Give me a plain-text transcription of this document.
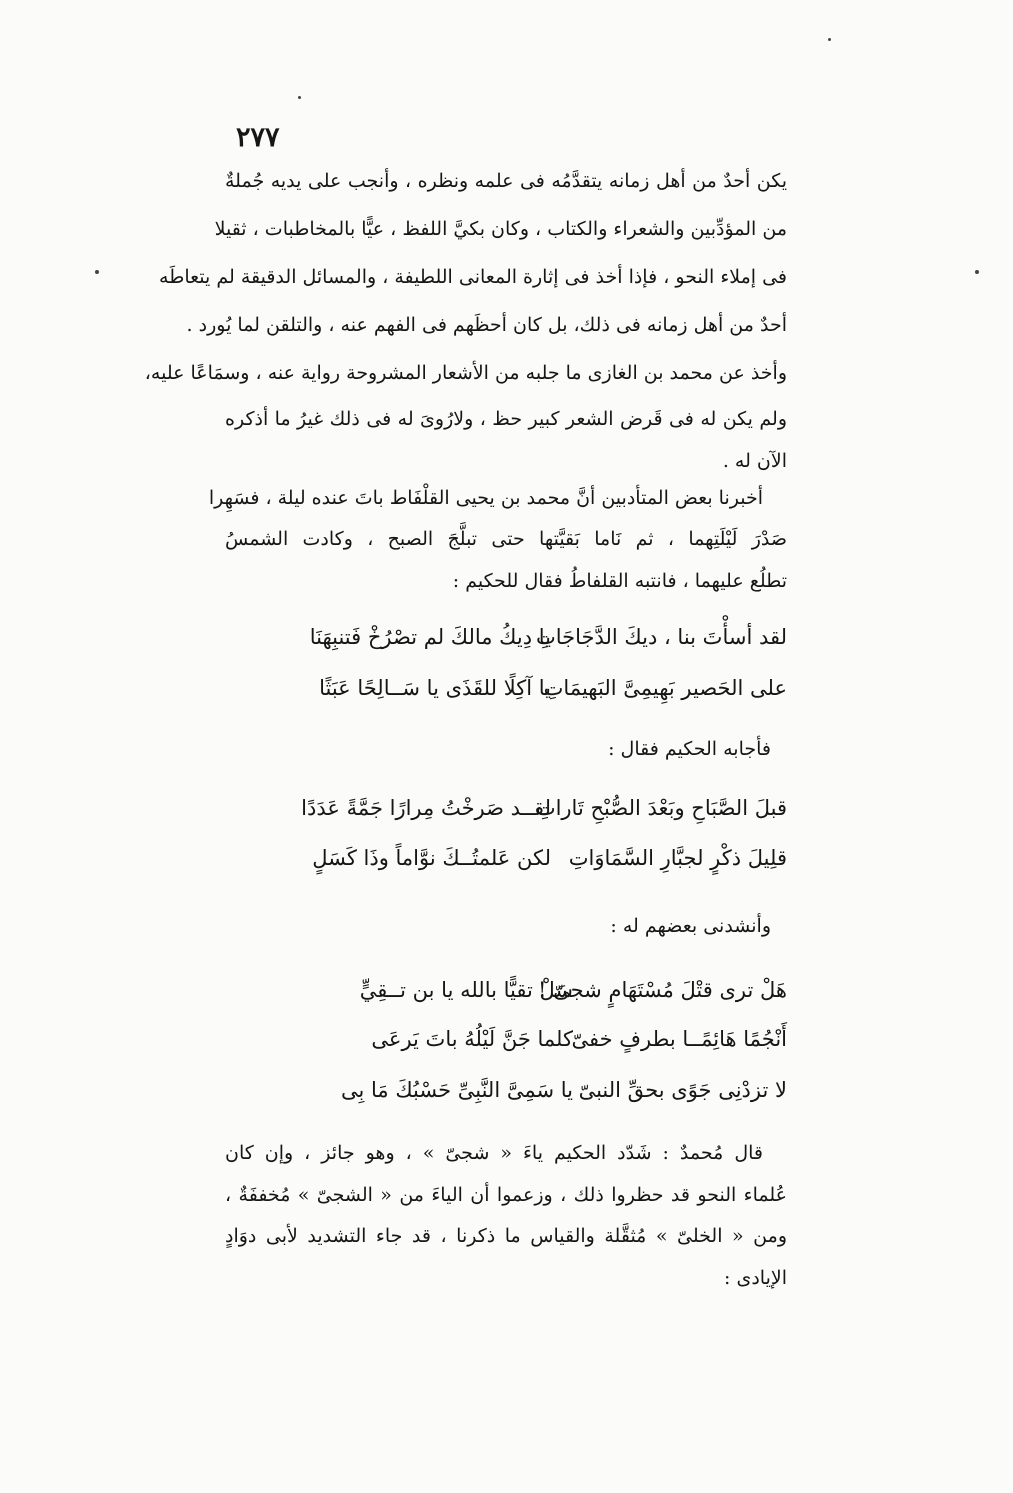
٢٧٧
يكن أحدٌ من أهل زمانه يتقدَّمُه فى علمه ونظره ، وأنجب على يديه جُملةٌ
من المؤدِّبين والشعراء والكتاب ، وكان بكيَّ اللفظ ، عيًّا بالمخاطبات ، ثقيلا
فى إملاء النحو ، فإذا أخذ فى إثارة المعانى اللطيفة ، والمسائل الدقيقة لم يتعاطَه
أحدٌ من أهل زمانه فى ذلك، بل كان أحظَهم فى الفهم عنه ، والتلقن لما يُورد .
وأخذ عن محمد بن الغازى ما جلبه من الأشعار المشروحة رواية عنه ، وسمَاعًا عليه،
ولم يكن له فى قَرض الشعر كبير حظ ، ولارُوىَ له فى ذلك غيرُ ما أذكره
الآن له .
أخبرنا بعض المتأدبين أنَّ محمد بن يحيى القلْفَاط باتَ عنده ليلة ، فسَهِرا
صَدْرَ لَيْلَتِهما ، ثم نَاما بَقيَّتها حتى تبلَّجَ الصبح ، وكادت الشمسُ
تطلُع عليهما ، فانتبه القلفاطُ فقال للحكيم :
يا دِيكُ مالكَ لم تصْرُخْ فَتنبِهَنَا
لقد أسأْتَ بنا ، ديكَ الدَّجَاجَاتِ
يا آكِلًا للقَذَى يا سَــالِحًا عَبَثًا
على الحَصير بَهِيمِىَّ البَهيمَاتِ
فأجابه الحكيم فقال :
لقــد صَرخْتُ مِرارًا جَمَّةً عَدَدًا
قبلَ الصَّبَاحِ وبَعْدَ الصُّبْحِ تَاراتِ
لكن عَلمتُــكَ نوَّاماً وذَا كَسَلٍ قلِيلَ ذكْرٍ لجبَّارِ السَّمَاوَاتِ
وأنشدنى بعضهم له :
سَلْ تقيًّا بالله يا بن تــقِيٍّ
هَلْ ترى قتْلَ مُسْتَهَامٍ شجىّ !
كلما جَنَّ لَيْلُهُ باتَ يَرعَى
أَنْجُمًا هَائِمًــا بطرفٍ خفىّ
يا سَمِىَّ النَّبِىِّ حَسْبُكَ مَا بِى لا تزدْنِى جَوًى بحقِّ النبىّ
قال مُحمدٌ : شَدّد الحكيم ياءَ « شجىّ » ، وهو جائز ، وإن كان
عُلماء النحو قد حظروا ذلك ، وزعموا أن الياءَ من « الشجىّ » مُخففَةٌ ،
ومن « الخلىّ » مُثقَّلة والقياس ما ذكرنا ، قد جاء التشديد لأبى دوَادٍ
الإيادى :
